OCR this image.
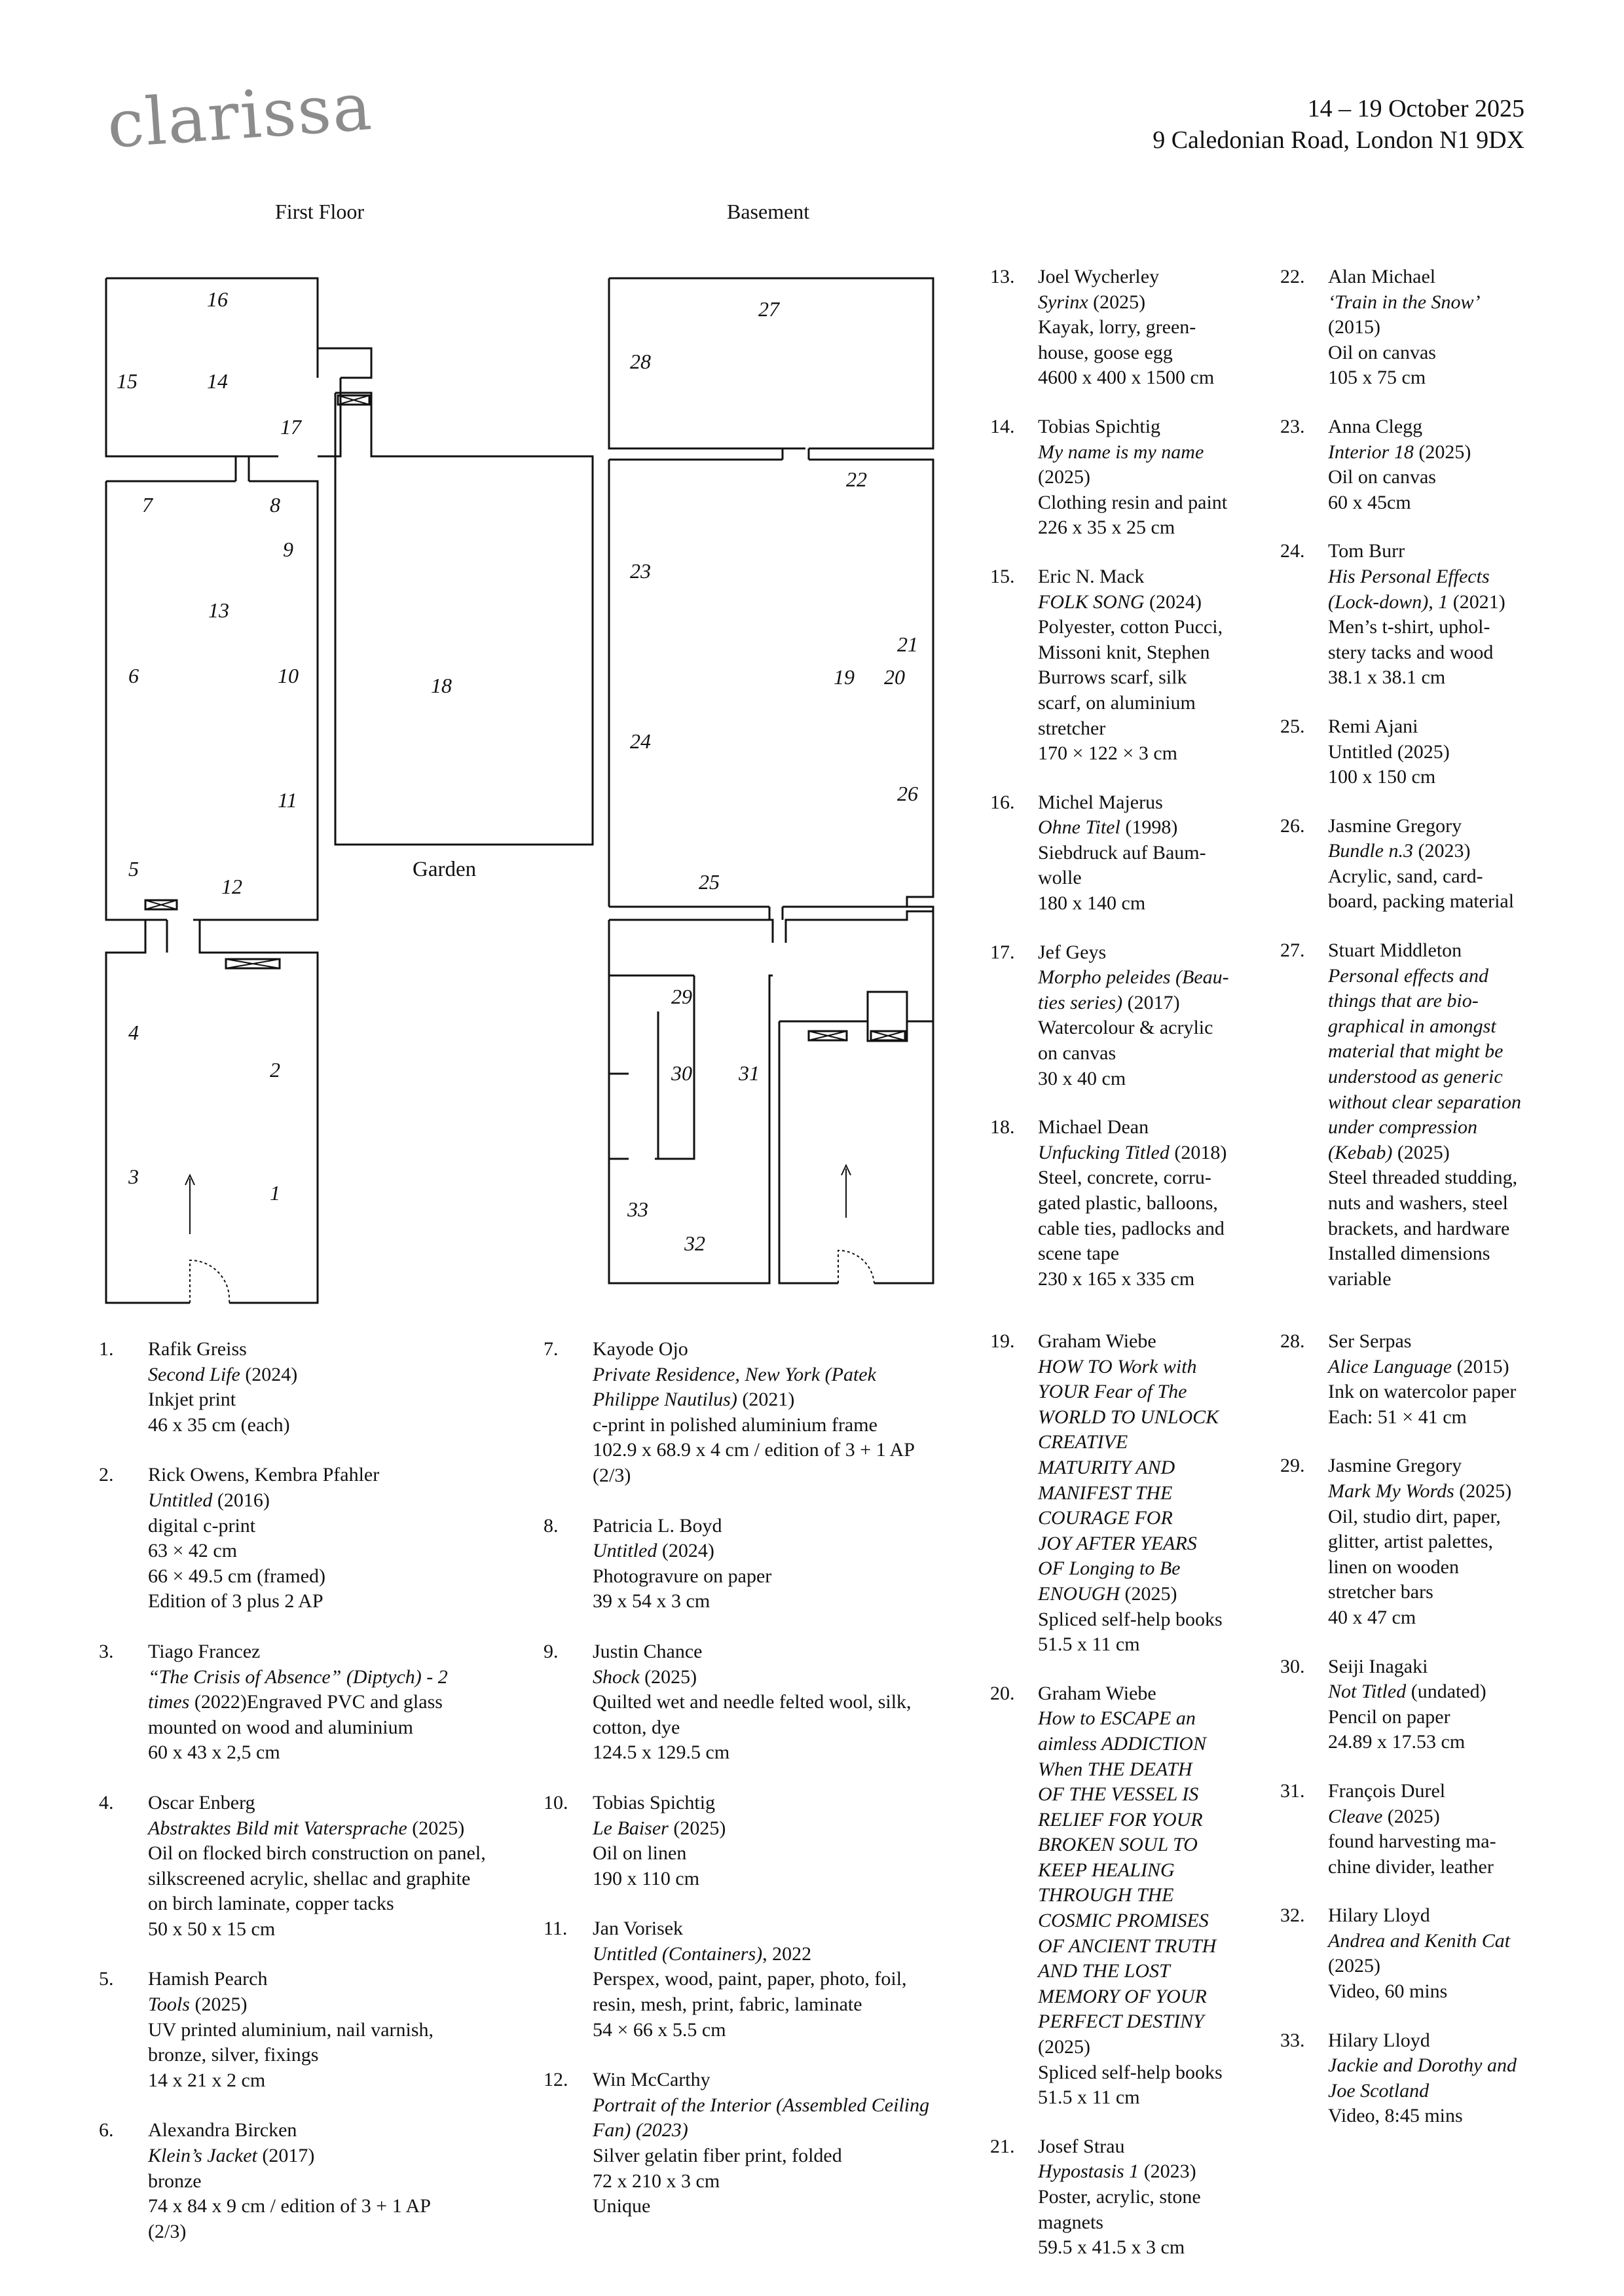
clarissa	14 – 19 October 2025
9 Caledonian Road, London N1 9DX
First Floor	Basement
Garden
16
15	14
17
7	8
9
13
6	10	18
11
5
12
4
2
3
1
27
28
22
23
21
19 20
24
26
25
29
30 31
33
32
1.	Rafik Greiss
Second Life (2024)
Inkjet print
46 x 35 cm (each)
2.	Rick Owens, Kembra Pfahler
Untitled (2016)
digital c-print
63 × 42 cm
66 × 49.5 cm (framed)
Edition of 3 plus 2 AP
3.	Tiago Francez
“The Crisis of Absence” (Diptych) - 2
times (2022)Engraved PVC and glass
mounted on wood and aluminium
60 x 43 x 2,5 cm
4.	Oscar Enberg
Abstraktes Bild mit Vatersprache (2025)
Oil on flocked birch construction on panel,
silkscreened acrylic, shellac and graphite
on birch laminate, copper tacks
50 x 50 x 15 cm
5.	Hamish Pearch
Tools (2025)
UV printed aluminium, nail varnish,
bronze, silver, fixings
14 x 21 x 2 cm
6.	Alexandra Bircken
Klein’s Jacket (2017)
bronze
74 x 84 x 9 cm / edition of 3 + 1 AP
(2/3)
7.	Kayode Ojo
Private Residence, New York (Patek
Philippe Nautilus) (2021)
c-print in polished aluminium frame
102.9 x 68.9 x 4 cm / edition of 3 + 1 AP
(2/3)
8.	Patricia L. Boyd
Untitled (2024)
Photogravure on paper
39 x 54 x 3 cm
9.	Justin Chance
Shock (2025)
Quilted wet and needle felted wool, silk,
cotton, dye
124.5 x 129.5 cm
10.	Tobias Spichtig
Le Baiser (2025)
Oil on linen
190 x 110 cm
11.	Jan Vorisek
Untitled (Containers), 2022
Perspex, wood, paint, paper, photo, foil,
resin, mesh, print, fabric, laminate
54 × 66 x 5.5 cm
12.	Win McCarthy
Portrait of the Interior (Assembled Ceiling
Fan) (2023)
Silver gelatin fiber print, folded
72 x 210 x 3 cm
Unique
13.	Joel Wycherley
Syrinx (2025)
Kayak, lorry, green-
house, goose egg
4600 x 400 x 1500 cm
14.	Tobias Spichtig
My name is my name
(2025)
Clothing resin and paint
226 x 35 x 25 cm
15.	Eric N. Mack
FOLK SONG (2024)
Polyester, cotton Pucci,
Missoni knit, Stephen
Burrows scarf, silk
scarf, on aluminium
stretcher
170 × 122 × 3 cm
16.	Michel Majerus
Ohne Titel (1998)
Siebdruck auf Baum-
wolle
180 x 140 cm
17.	Jef Geys
Morpho peleides (Beau-
ties series) (2017)
Watercolour & acrylic
on canvas
30 x 40 cm
18.	Michael Dean
Unfucking Titled (2018)
Steel, concrete, corru-
gated plastic, balloons,
cable ties, padlocks and
scene tape
230 x 165 x 335 cm
19.	Graham Wiebe
HOW TO Work with
YOUR Fear of The
WORLD TO UNLOCK
CREATIVE
MATURITY AND
MANIFEST THE
COURAGE FOR
JOY AFTER YEARS
OF Longing to Be
ENOUGH (2025)
Spliced self-help books
51.5 x 11 cm
20.	Graham Wiebe
How to ESCAPE an
aimless ADDICTION
When THE DEATH
OF THE VESSEL IS
RELIEF FOR YOUR
BROKEN SOUL TO
KEEP HEALING
THROUGH THE
COSMIC PROMISES
OF ANCIENT TRUTH
AND THE LOST
MEMORY OF YOUR
PERFECT DESTINY
(2025)
Spliced self-help books
51.5 x 11 cm
21.	Josef Strau
Hypostasis 1 (2023)
Poster, acrylic, stone
magnets
59.5 x 41.5 x 3 cm
22.	Alan Michael
‘Train in the Snow’
(2015)
Oil on canvas
105 x 75 cm
23.	Anna Clegg
Interior 18 (2025)
Oil on canvas
60 x 45cm
24.	Tom Burr
His Personal Effects
(Lock-down), 1 (2021)
Men’s t-shirt, uphol-
stery tacks and wood
38.1 x 38.1 cm
25.	Remi Ajani
Untitled (2025)
100 x 150 cm
26.	Jasmine Gregory
Bundle n.3 (2023)
Acrylic, sand, card-
board, packing material
27.	Stuart Middleton
Personal effects and
things that are bio-
graphical in amongst
material that might be
understood as generic
without clear separation
under compression
(Kebab) (2025)
Steel threaded studding,
nuts and washers, steel
brackets, and hardware
Installed dimensions
variable
28.	Ser Serpas
Alice Language (2015)
Ink on watercolor paper
Each: 51 × 41 cm
29.	Jasmine Gregory
Mark My Words (2025)
Oil, studio dirt, paper,
glitter, artist palettes,
linen on wooden
stretcher bars
40 x 47 cm
30.	Seiji Inagaki
Not Titled (undated)
Pencil on paper
24.89 x 17.53 cm
31.	François Durel
Cleave (2025)
found harvesting ma-
chine divider, leather
32.	Hilary Lloyd
Andrea and Kenith Cat
(2025)
Video, 60 mins
33.	Hilary Lloyd
Jackie and Dorothy and
Joe Scotland
Video, 8:45 mins
